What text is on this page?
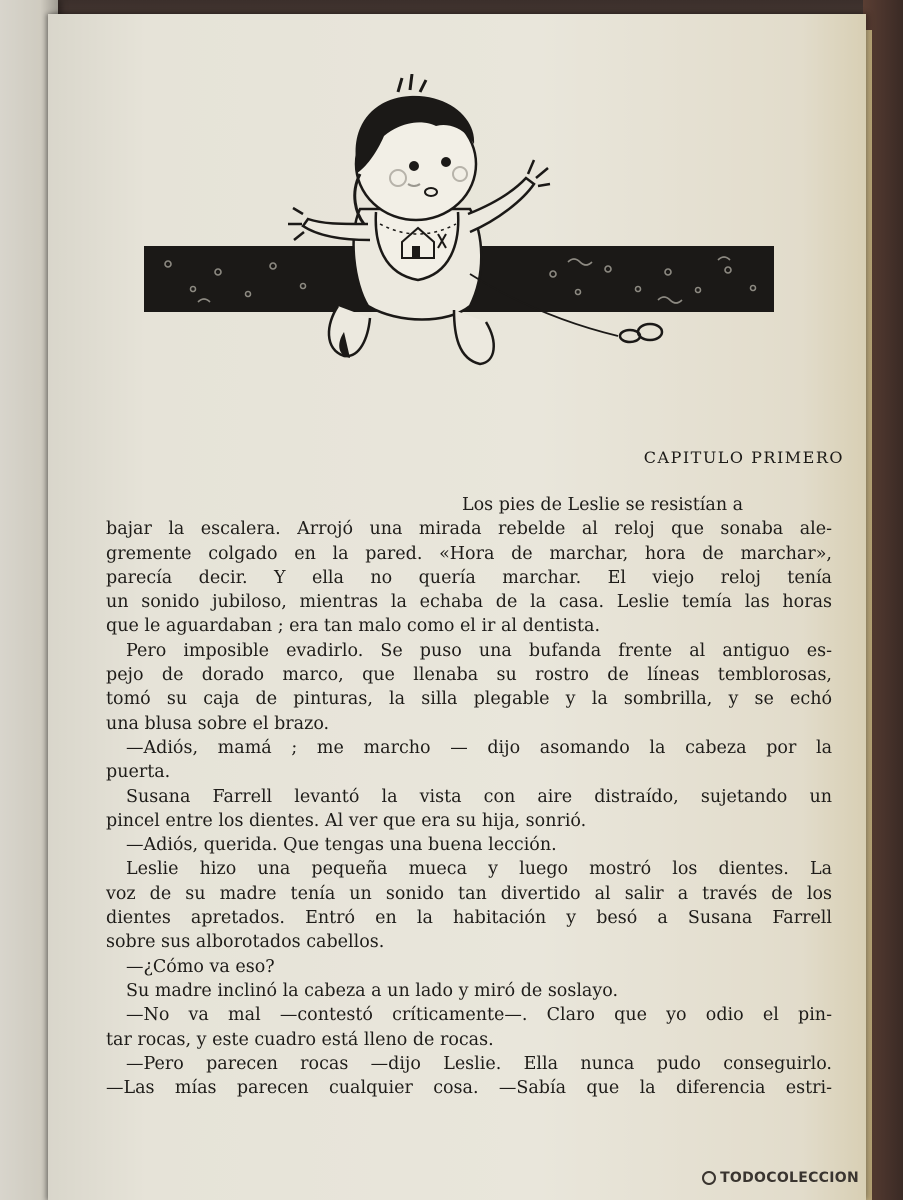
CAPITULO PRIMERO
Los pies de Leslie se resistían a
bajar la escalera. Arrojó una mirada rebelde al reloj que sonaba ale-
gremente colgado en la pared. «Hora de marchar, hora de marchar»,
parecía decir. Y ella no quería marchar. El viejo reloj tenía
un sonido jubiloso, mientras la echaba de la casa. Leslie temía las horas
que le aguardaban ; era tan malo como el ir al dentista.
Pero imposible evadirlo. Se puso una bufanda frente al antiguo es-
pejo de dorado marco, que llenaba su rostro de líneas temblorosas,
tomó su caja de pinturas, la silla plegable y la sombrilla, y se echó
una blusa sobre el brazo.
—Adiós, mamá ; me marcho — dijo asomando la cabeza por la
puerta.
Susana Farrell levantó la vista con aire distraído, sujetando un
pincel entre los dientes. Al ver que era su hija, sonrió.
—Adiós, querida. Que tengas una buena lección.
Leslie hizo una pequeña mueca y luego mostró los dientes. La
voz de su madre tenía un sonido tan divertido al salir a través de los
dientes apretados. Entró en la habitación y besó a Susana Farrell
sobre sus alborotados cabellos.
—¿Cómo va eso?
Su madre inclinó la cabeza a un lado y miró de soslayo.
—No va mal —contestó críticamente—. Claro que yo odio el pin-
tar rocas, y este cuadro está lleno de rocas.
—Pero parecen rocas —dijo Leslie. Ella nunca pudo conseguirlo.
—Las mías parecen cualquier cosa. —Sabía que la diferencia estri-
TODOCOLECCION
